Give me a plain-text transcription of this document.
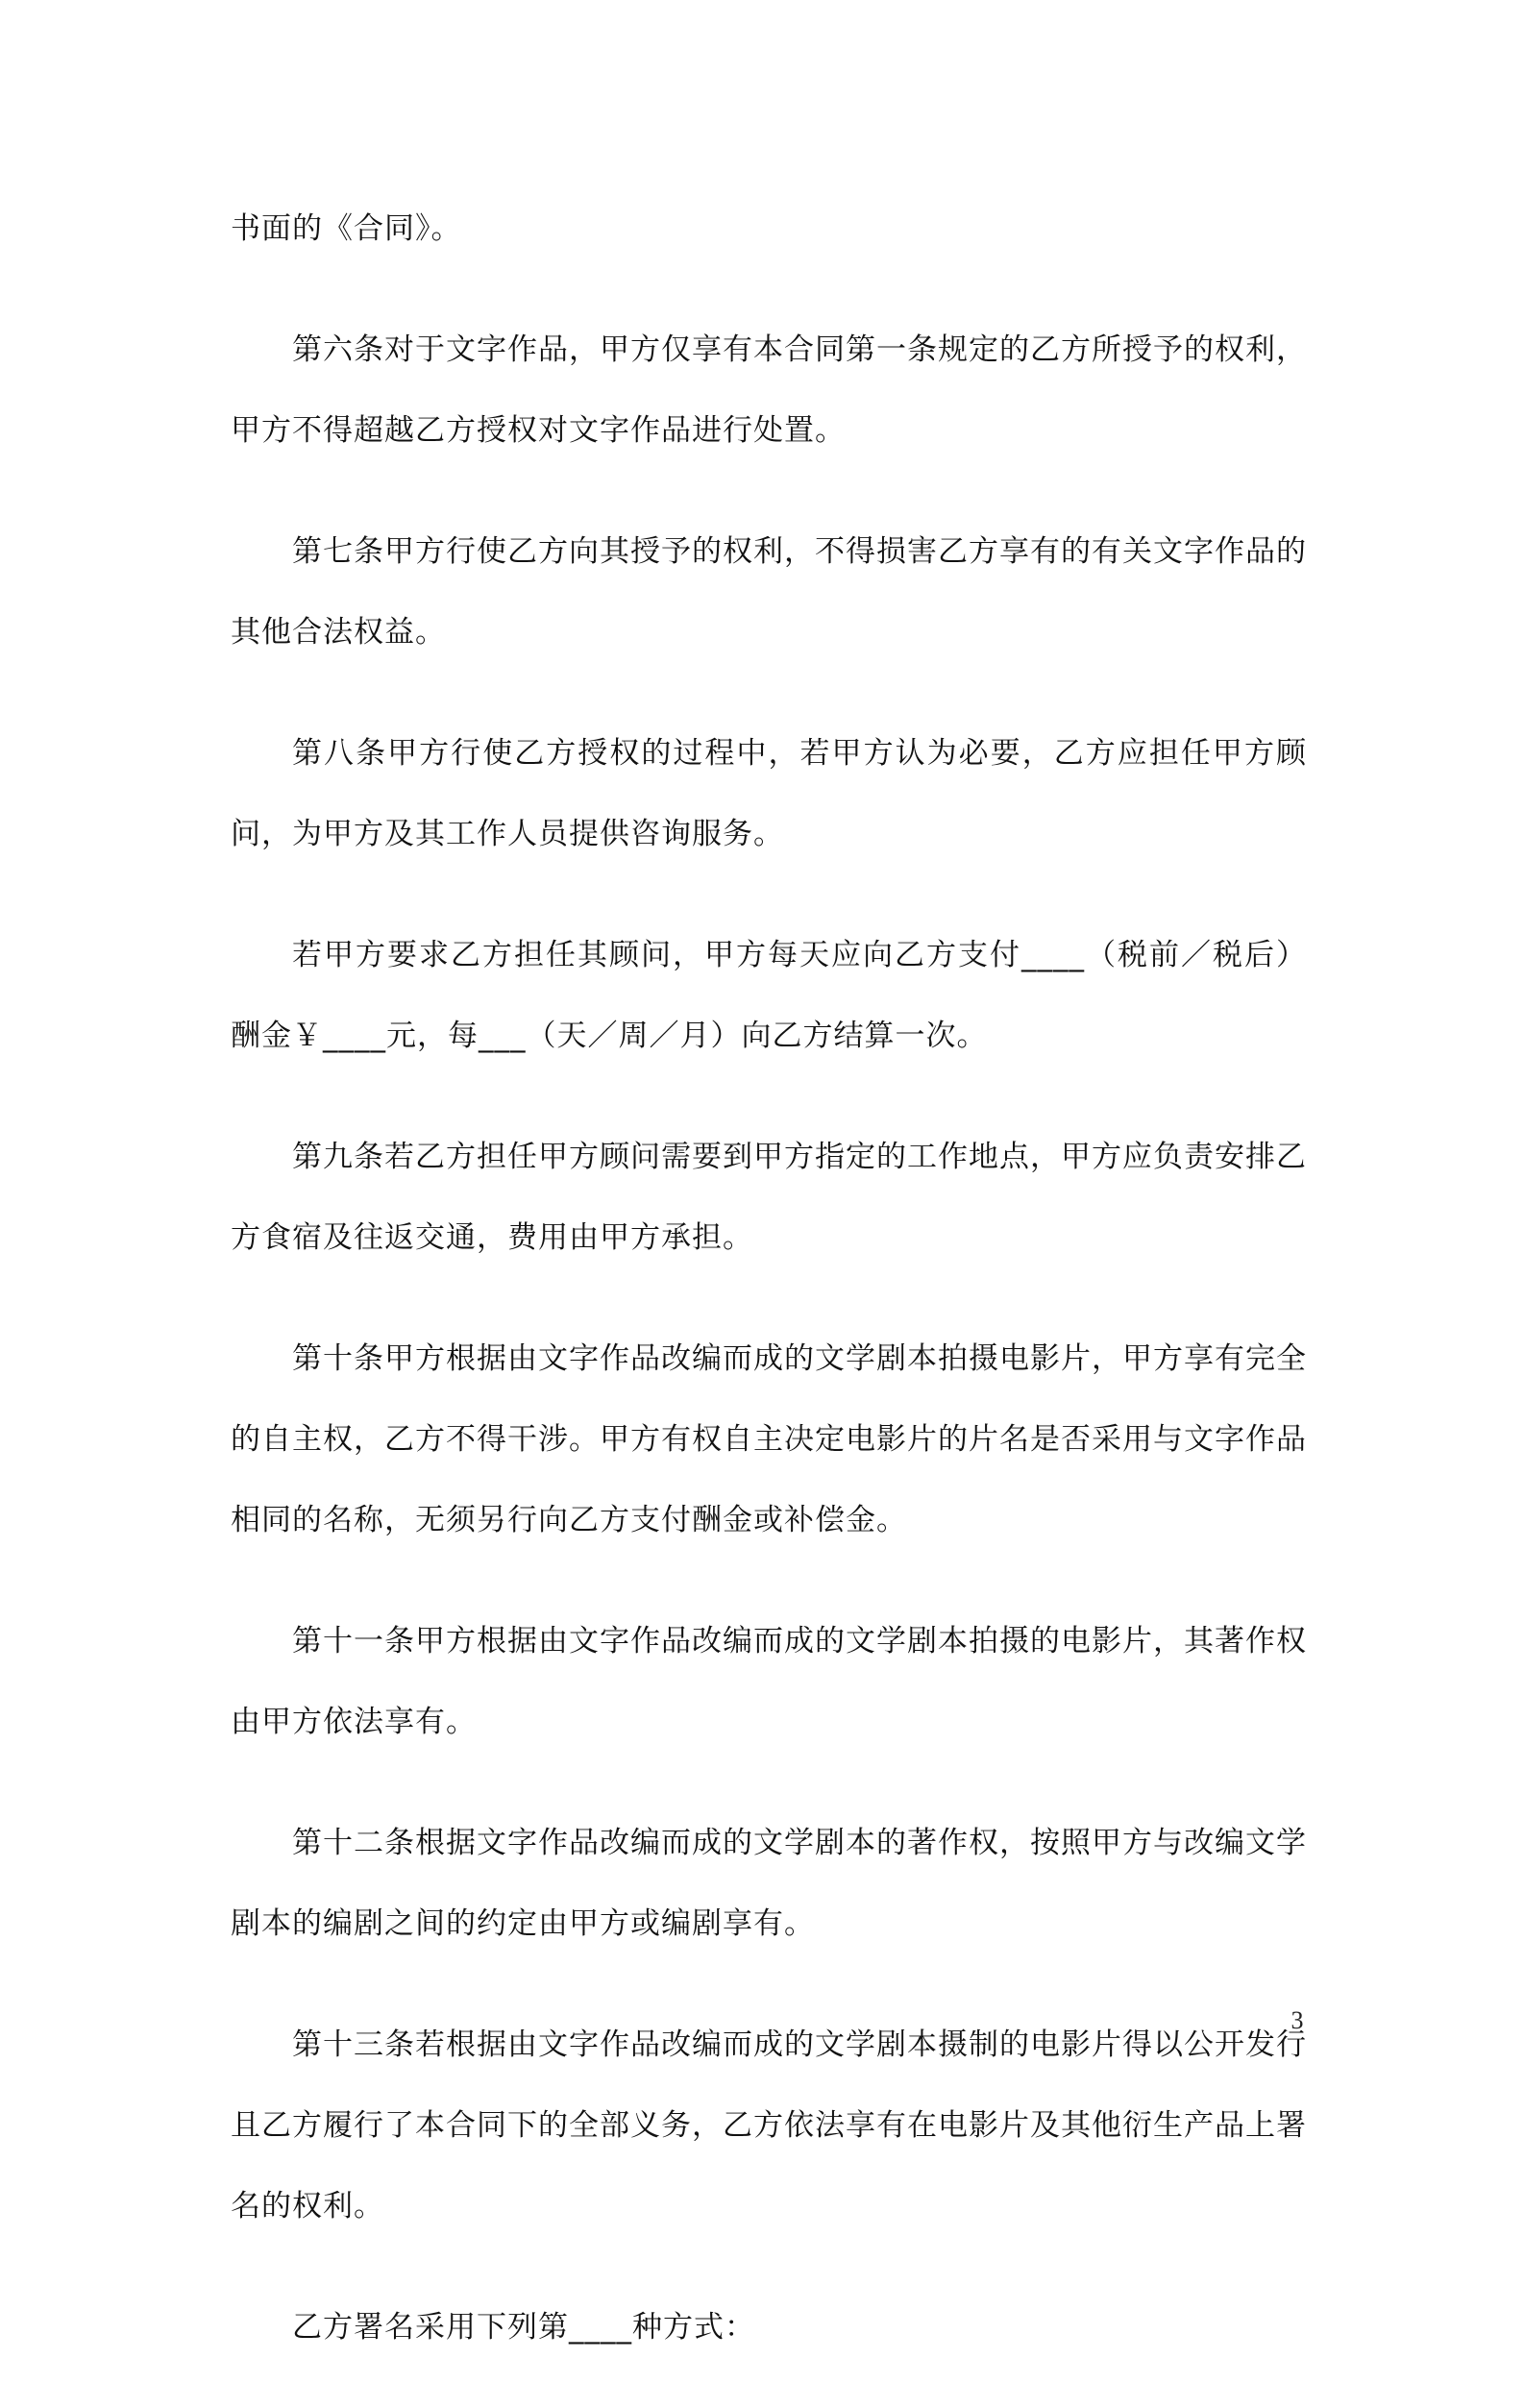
书面的《合同》。

第六条对于文字作品，甲方仅享有本合同第一条规定的乙方所授予的权利，甲方不得超越乙方授权对文字作品进行处置。

第七条甲方行使乙方向其授予的权利，不得损害乙方享有的有关文字作品的其他合法权益。

第八条甲方行使乙方授权的过程中，若甲方认为必要，乙方应担任甲方顾问，为甲方及其工作人员提供咨询服务。

若甲方要求乙方担任其顾问，甲方每天应向乙方支付____（税前／税后）酬金￥____元，每___（天／周／月）向乙方结算一次。

第九条若乙方担任甲方顾问需要到甲方指定的工作地点，甲方应负责安排乙方食宿及往返交通，费用由甲方承担。

第十条甲方根据由文字作品改编而成的文学剧本拍摄电影片，甲方享有完全的自主权，乙方不得干涉。甲方有权自主决定电影片的片名是否采用与文字作品相同的名称，无须另行向乙方支付酬金或补偿金。

第十一条甲方根据由文字作品改编而成的文学剧本拍摄的电影片，其著作权由甲方依法享有。

第十二条根据文字作品改编而成的文学剧本的著作权，按照甲方与改编文学剧本的编剧之间的约定由甲方或编剧享有。

第十三条若根据由文字作品改编而成的文学剧本摄制的电影片得以公开发行且乙方履行了本合同下的全部义务，乙方依法享有在电影片及其他衍生产品上署名的权利。

乙方署名采用下列第____种方式：

3
